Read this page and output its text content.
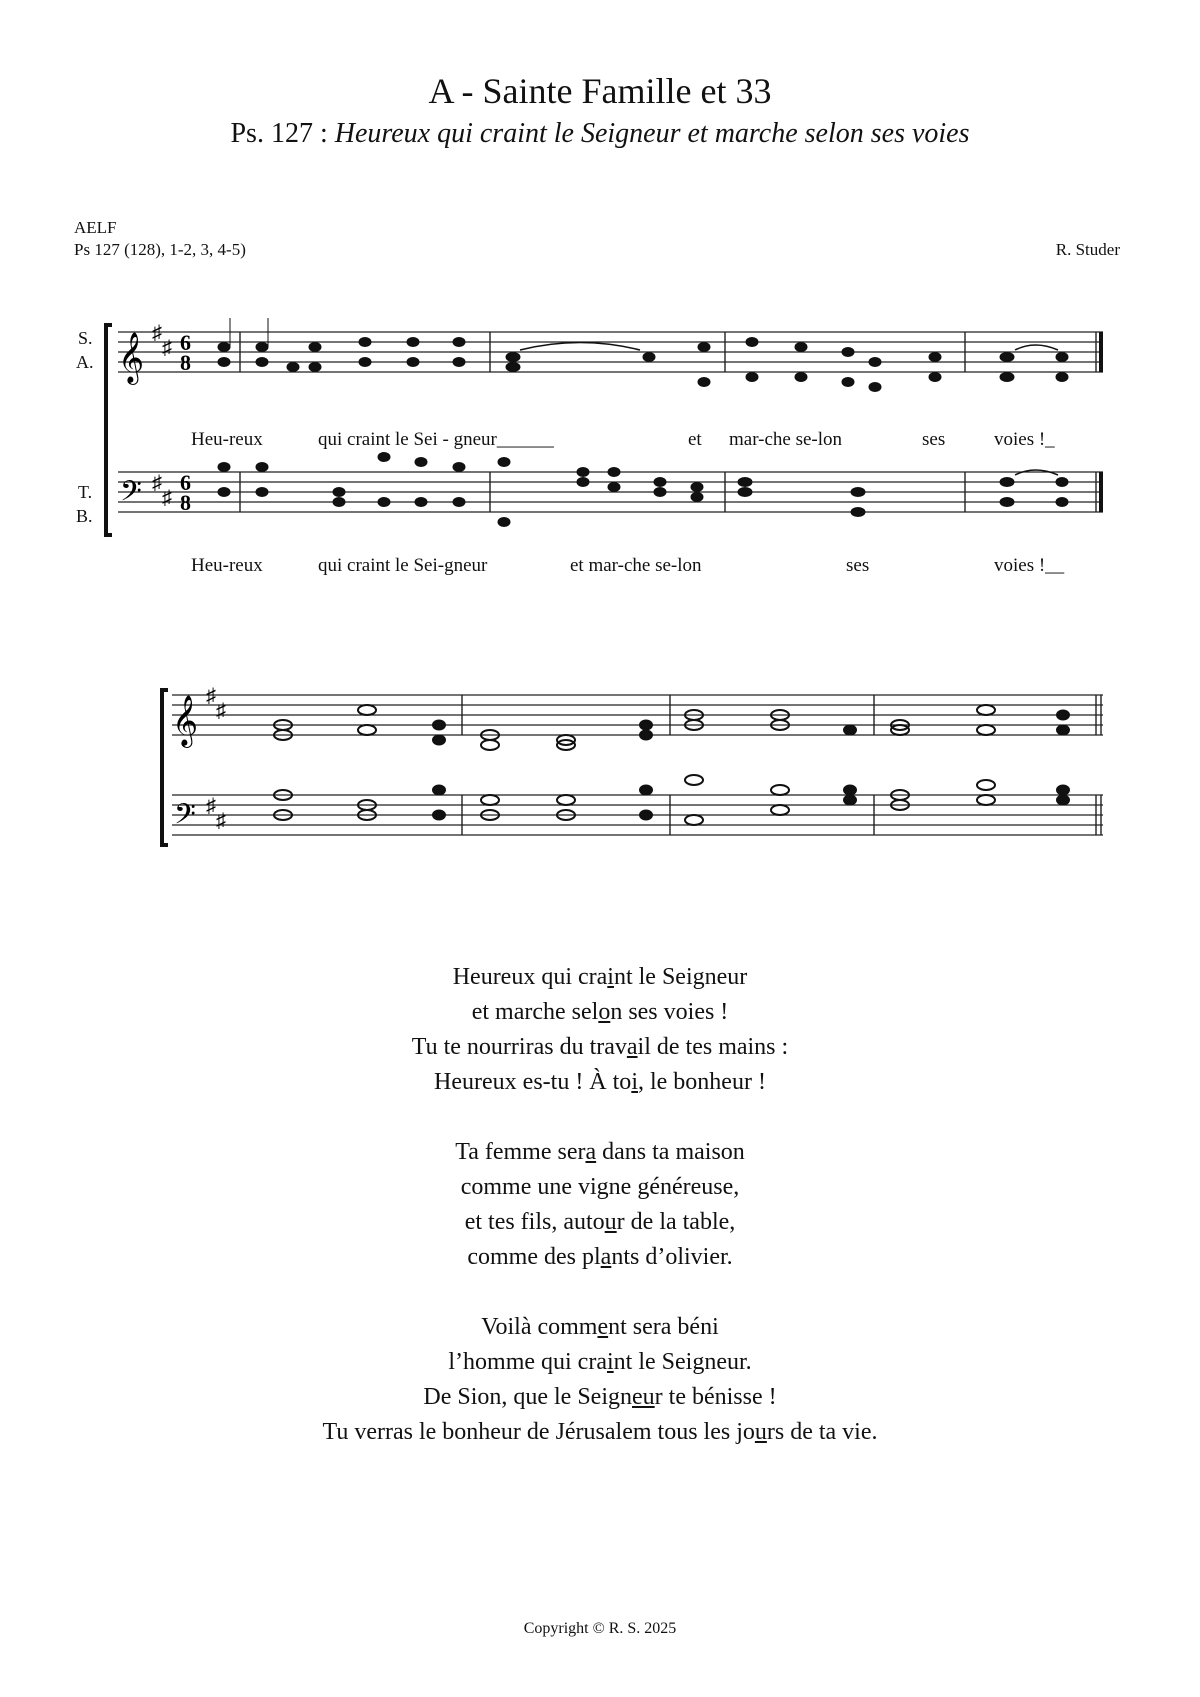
A - Sainte Famille et 33
Ps. 127 : Heureux qui craint le Seigneur et marche selon ses voies
AELF
Ps 127 (128), 1-2, 3, 4-5)	R. Studer
𝄞
𝄢
♯
♯
♯
♯
6
8
6
8
S.
A.
T.
B.
Heu-reux	qui craint le Sei - gneur______	et mar-che se-lon	ses	voies !_
Heu-reux	qui craint le Sei-gneur	et mar-che se-lon	ses	voies !__
𝄞
𝄢
♯
♯
♯
♯
Heureux qui craint le Seigneur
et marche selon ses voies !
Tu te nourriras du travail de tes mains :
Heureux es-tu ! À toi, le bonheur !
Ta femme sera dans ta maison
comme une vigne généreuse,
et tes fils, autour de la table,
comme des plants d’olivier.
Voilà comment sera béni
l’homme qui craint le Seigneur.
De Sion, que le Seigneur te bénisse !
Tu verras le bonheur de Jérusalem tous les jours de ta vie.
Copyright © R. S. 2025
